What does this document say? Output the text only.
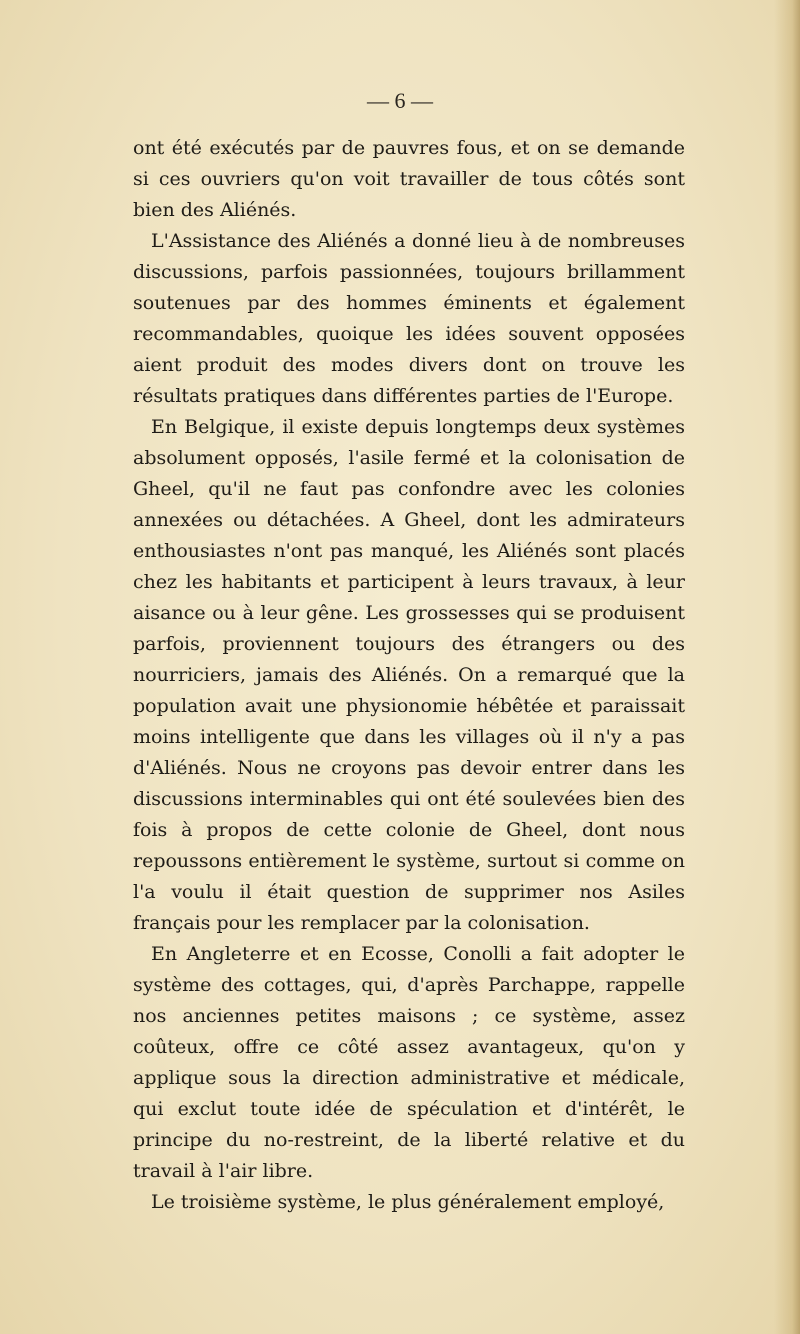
— 6 —

ont été exécutés par de pauvres fous, et on se demande si ces ouvriers qu'on voit travailler de tous côtés sont bien des Aliénés.

L'Assistance des Aliénés a donné lieu à de nombreuses discussions, parfois passionnées, toujours brillamment soutenues par des hommes éminents et également recommandables, quoique les idées souvent opposées aient produit des modes divers dont on trouve les résultats pratiques dans différentes parties de l'Europe.

En Belgique, il existe depuis longtemps deux systèmes absolument opposés, l'asile fermé et la colonisation de Gheel, qu'il ne faut pas confondre avec les colonies annexées ou détachées. A Gheel, dont les admirateurs enthousiastes n'ont pas manqué, les Aliénés sont placés chez les habitants et participent à leurs travaux, à leur aisance ou à leur gêne. Les grossesses qui se produisent parfois, proviennent toujours des étrangers ou des nourriciers, jamais des Aliénés. On a remarqué que la population avait une physionomie hébêtée et paraissait moins intelligente que dans les villages où il n'y a pas d'Aliénés. Nous ne croyons pas devoir entrer dans les discussions interminables qui ont été soulevées bien des fois à propos de cette colonie de Gheel, dont nous repoussons entièrement le système, surtout si comme on l'a voulu il était question de supprimer nos Asiles français pour les remplacer par la colonisation.

En Angleterre et en Ecosse, Conolli a fait adopter le système des cottages, qui, d'après Parchappe, rappelle nos anciennes petites maisons ; ce système, assez coûteux, offre ce côté assez avantageux, qu'on y applique sous la direction administrative et médicale, qui exclut toute idée de spéculation et d'intérêt, le principe du no-restreint, de la liberté relative et du travail à l'air libre.

Le troisième système, le plus généralement employé,
